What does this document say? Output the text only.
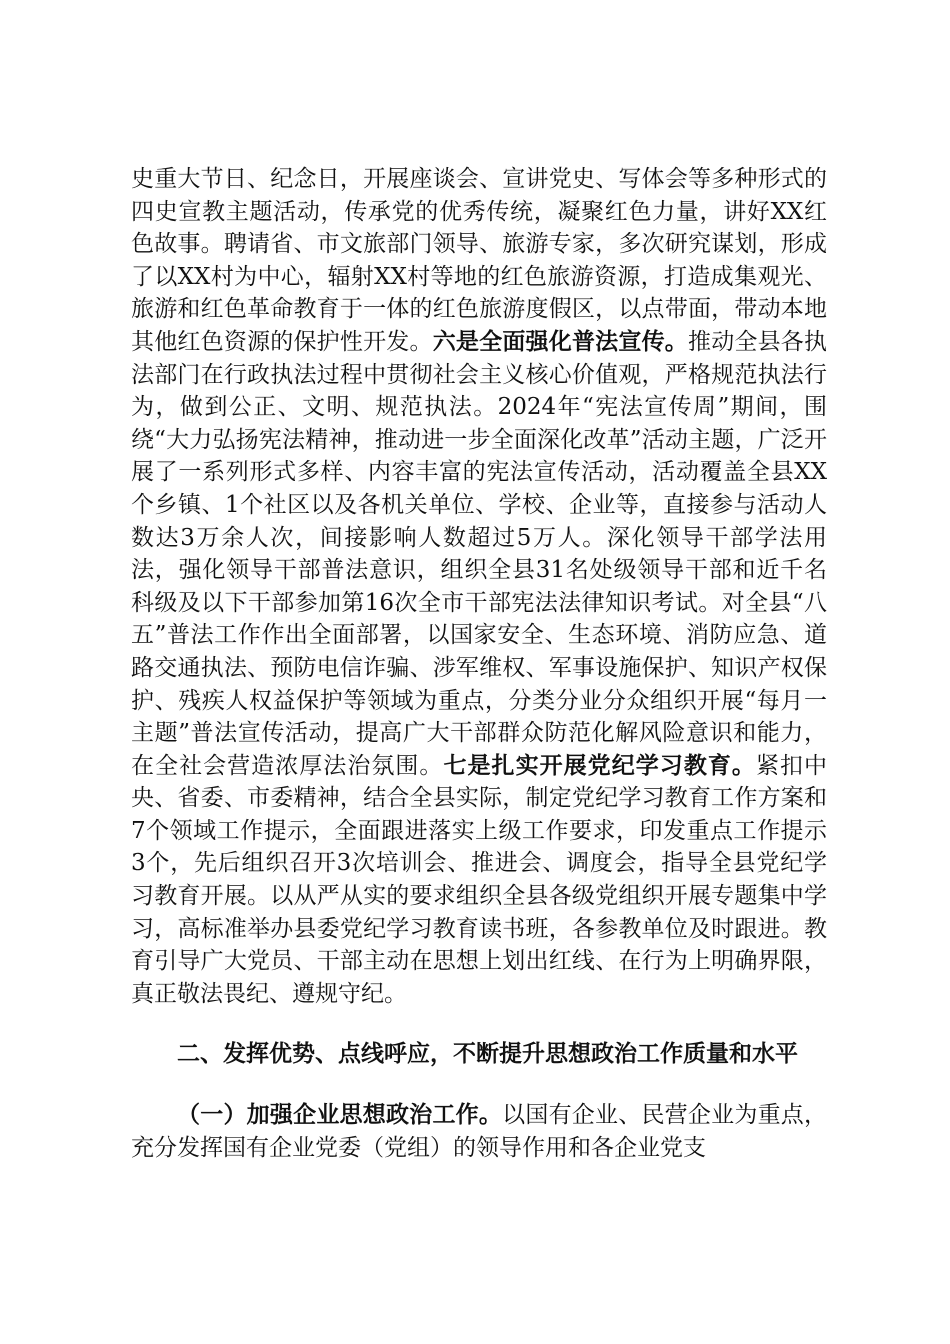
史重大节日、纪念日，开展座谈会、宣讲党史、写体会等多种形式的四史宣教主题活动，传承党的优秀传统，凝聚红色力量，讲好XX红色故事。聘请省、市文旅部门领导、旅游专家，多次研究谋划，形成了以XX村为中心，辐射XX村等地的红色旅游资源，打造成集观光、旅游和红色革命教育于一体的红色旅游度假区，以点带面，带动本地其他红色资源的保护性开发。六是全面强化普法宣传。推动全县各执法部门在行政执法过程中贯彻社会主义核心价值观，严格规范执法行为，做到公正、文明、规范执法。2024年“宪法宣传周”期间，围绕“大力弘扬宪法精神，推动进一步全面深化改革”活动主题，广泛开展了一系列形式多样、内容丰富的宪法宣传活动，活动覆盖全县XX个乡镇、1个社区以及各机关单位、学校、企业等，直接参与活动人数达3万余人次，间接影响人数超过5万人。深化领导干部学法用法，强化领导干部普法意识，组织全县31名处级领导干部和近千名科级及以下干部参加第16次全市干部宪法法律知识考试。对全县“八五”普法工作作出全面部署，以国家安全、生态环境、消防应急、道路交通执法、预防电信诈骗、涉军维权、军事设施保护、知识产权保护、残疾人权益保护等领域为重点，分类分业分众组织开展“每月一主题”普法宣传活动，提高广大干部群众防范化解风险意识和能力，在全社会营造浓厚法治氛围。七是扎实开展党纪学习教育。紧扣中央、省委、市委精神，结合全县实际，制定党纪学习教育工作方案和7个领域工作提示，全面跟进落实上级工作要求，印发重点工作提示3个，先后组织召开3次培训会、推进会、调度会，指导全县党纪学习教育开展。以从严从实的要求组织全县各级党组织开展专题集中学习，高标准举办县委党纪学习教育读书班，各参教单位及时跟进。教育引导广大党员、干部主动在思想上划出红线、在行为上明确界限，真正敬法畏纪、遵规守纪。

二、发挥优势、点线呼应，不断提升思想政治工作质量和水平

（一）加强企业思想政治工作。以国有企业、民营企业为重点，充分发挥国有企业党委（党组）的领导作用和各企业党支
